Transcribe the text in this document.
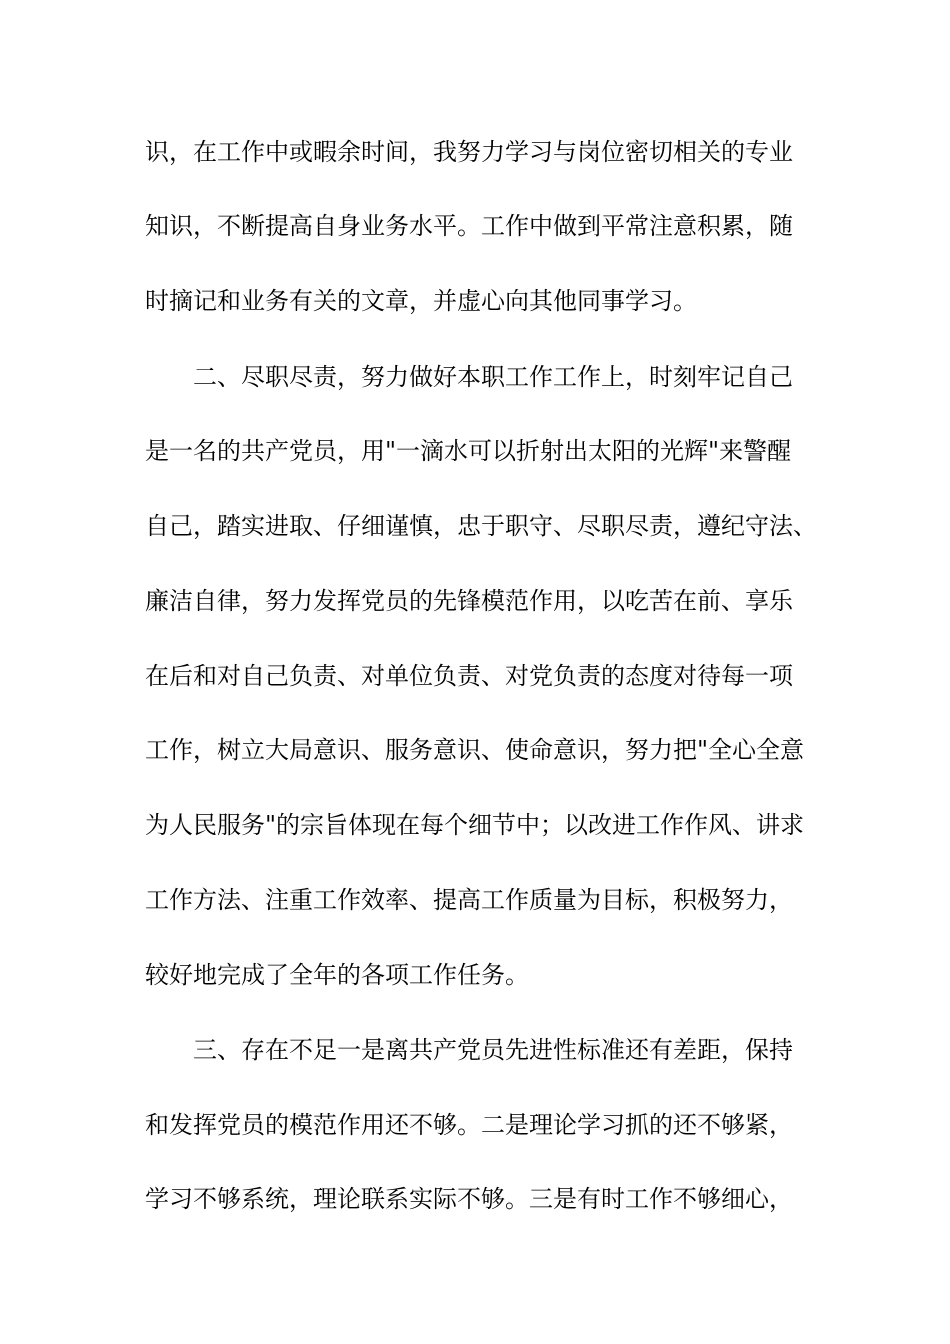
识，在工作中或暇余时间，我努力学习与岗位密切相关的专业
知识，不断提高自身业务水平。工作中做到平常注意积累，随
时摘记和业务有关的文章，并虚心向其他同事学习。
二、尽职尽责，努力做好本职工作工作上，时刻牢记自己
是一名的共产党员，用"一滴水可以折射出太阳的光辉"来警醒
自己，踏实进取、仔细谨慎，忠于职守、尽职尽责，遵纪守法、
廉洁自律，努力发挥党员的先锋模范作用，以吃苦在前、享乐
在后和对自己负责、对单位负责、对党负责的态度对待每一项
工作，树立大局意识、服务意识、使命意识，努力把"全心全意
为人民服务"的宗旨体现在每个细节中；以改进工作作风、讲求
工作方法、注重工作效率、提高工作质量为目标，积极努力，
较好地完成了全年的各项工作任务。
三、存在不足一是离共产党员先进性标准还有差距，保持
和发挥党员的模范作用还不够。二是理论学习抓的还不够紧，
学习不够系统，理论联系实际不够。三是有时工作不够细心，
